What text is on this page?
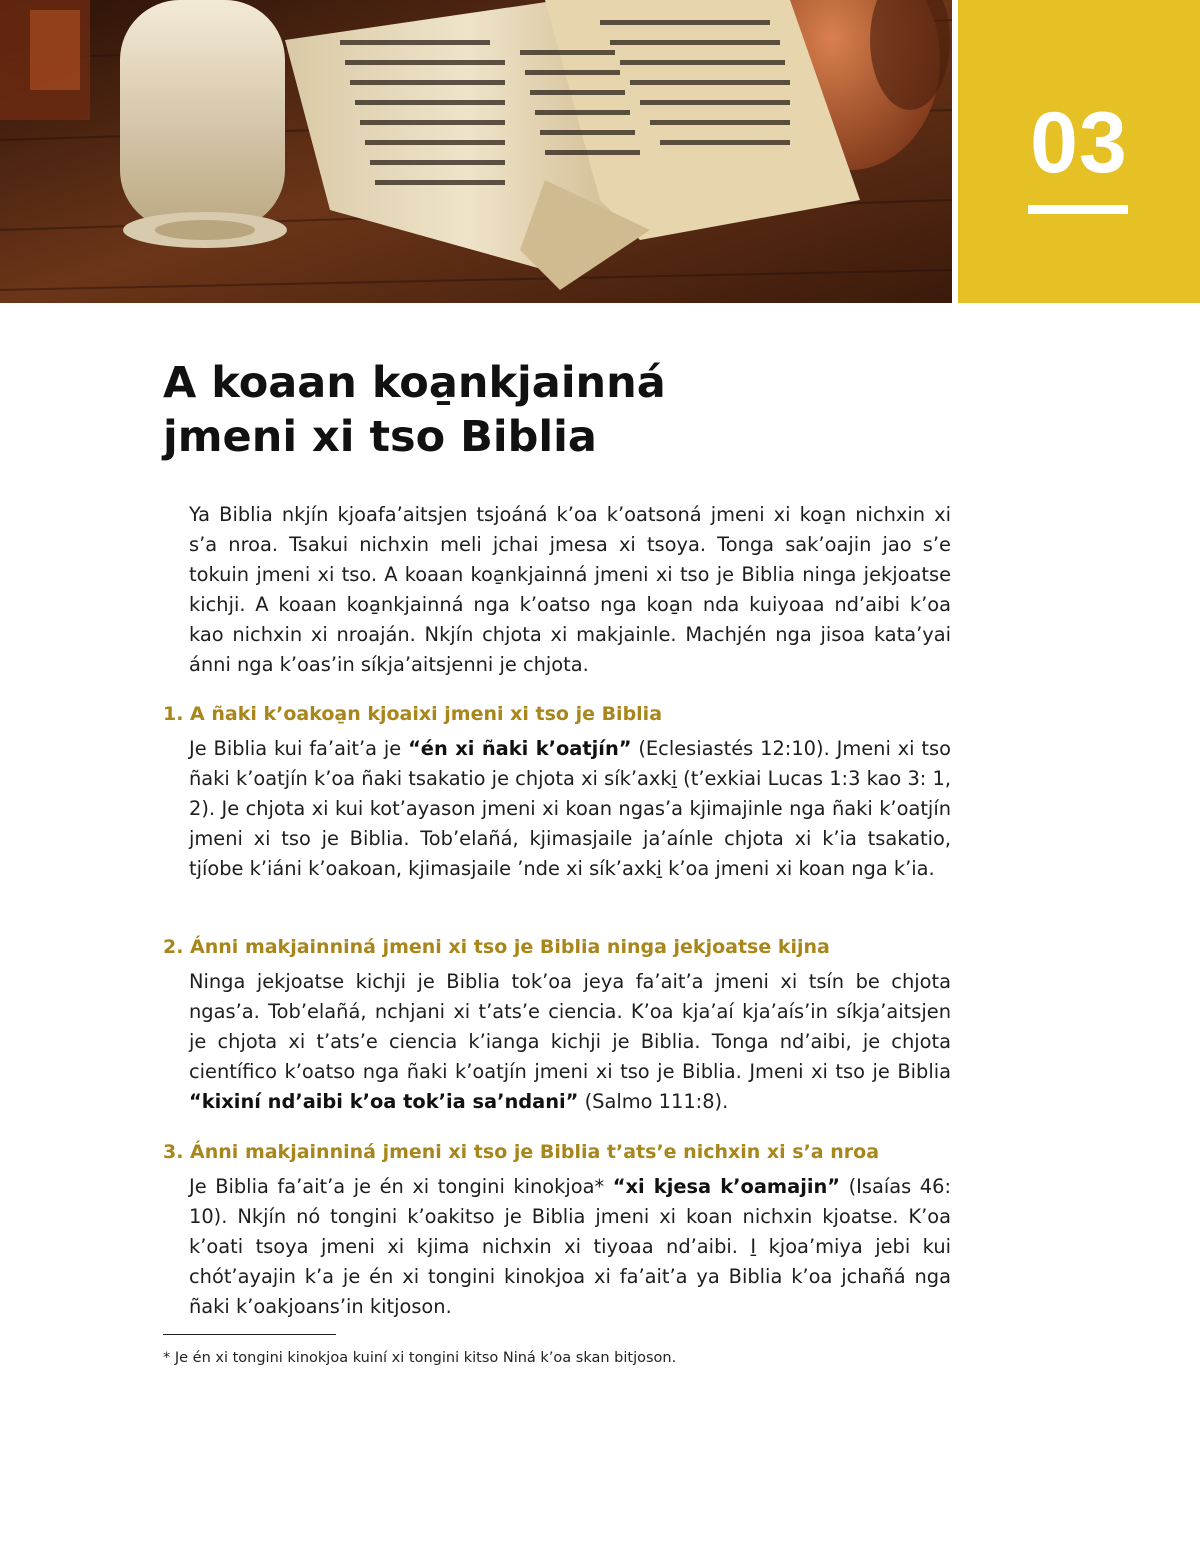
03
A koaan koa̱nkjainná
jmeni xi tso Biblia

Ya Biblia nkjín kjoafa’aitsjen tsjoáná k’oa k’oatsoná jmeni xi koa̱n nichxin xi s’a nroa. Tsakui nichxin meli jchai jmesa xi tsoya. Tonga sak’oajin jao s’e tokuin jmeni xi tso. A koaan koa̱nkjainná jmeni xi tso je Biblia ninga jekjoatse kichji. A koaan koa̱nkjainná nga k’oatso nga koa̱n nda kuiyoaa nd’aibi k’oa kao nichxin xi nroaján. Nkjín chjota xi makjainle. Machjén nga jisoa kata’yai ánni nga k’oas’in síkja’aitsjenni je chjota.

1. A ñaki k’oakoa̱n kjoaixi jmeni xi tso je Biblia

Je Biblia kui fa’ait’a je “én xi ñaki k’oatjín” (Eclesiastés 12:10). Jmeni xi tso ñaki k’oatjín k’oa ñaki tsakatio je chjota xi sík’axki̱ (t’exkiai Lucas 1:3 kao 3: 1, 2). Je chjota xi kui kot’ayason jmeni xi koan ngas’a kjimajinle nga ñaki k’oatjín jmeni xi tso je Biblia. Tob’elañá, kjimasjaile ja’aínle chjota xi k’ia tsakatio, tjíobe k’iáni k’oakoan, kjimasjaile ’nde xi sík’axki̱ k’oa jmeni xi koan nga k’ia.

2. Ánni makjainniná jmeni xi tso je Biblia ninga jekjoatse kijna

Ninga jekjoatse kichji je Biblia tok’oa jeya fa’ait’a jmeni xi tsín be chjota ngas’a. Tob’elañá, nchjani xi t’ats’e ciencia. K’oa kja’aí kja’aís’in síkja’aitsjen je chjota xi t’ats’e ciencia k’ianga kichji je Biblia. Tonga nd’aibi, je chjota científico k’oatso nga ñaki k’oatjín jmeni xi tso je Biblia. Jmeni xi tso je Biblia “kixiní nd’aibi k’oa tok’ia sa’ndani” (Salmo 111:8).

3. Ánni makjainniná jmeni xi tso je Biblia t’ats’e nichxin xi s’a nroa

Je Biblia fa’ait’a je én xi tongini kinokjoa* “xi kjesa k’oamajin” (Isaías 46: 10). Nkjín nó tongini k’oakitso je Biblia jmeni xi koan nichxin kjoatse. K’oa k’oati tsoya jmeni xi kjima nichxin xi tiyoaa nd’aibi. I̱ kjoa’miya jebi kui chót’ayajin k’a je én xi tongini kinokjoa xi fa’ait’a ya Biblia k’oa jchañá nga ñaki k’oakjoans’in kitjoson.

* Je én xi tongini kinokjoa kuiní xi tongini kitso Niná k’oa skan bitjoson.
